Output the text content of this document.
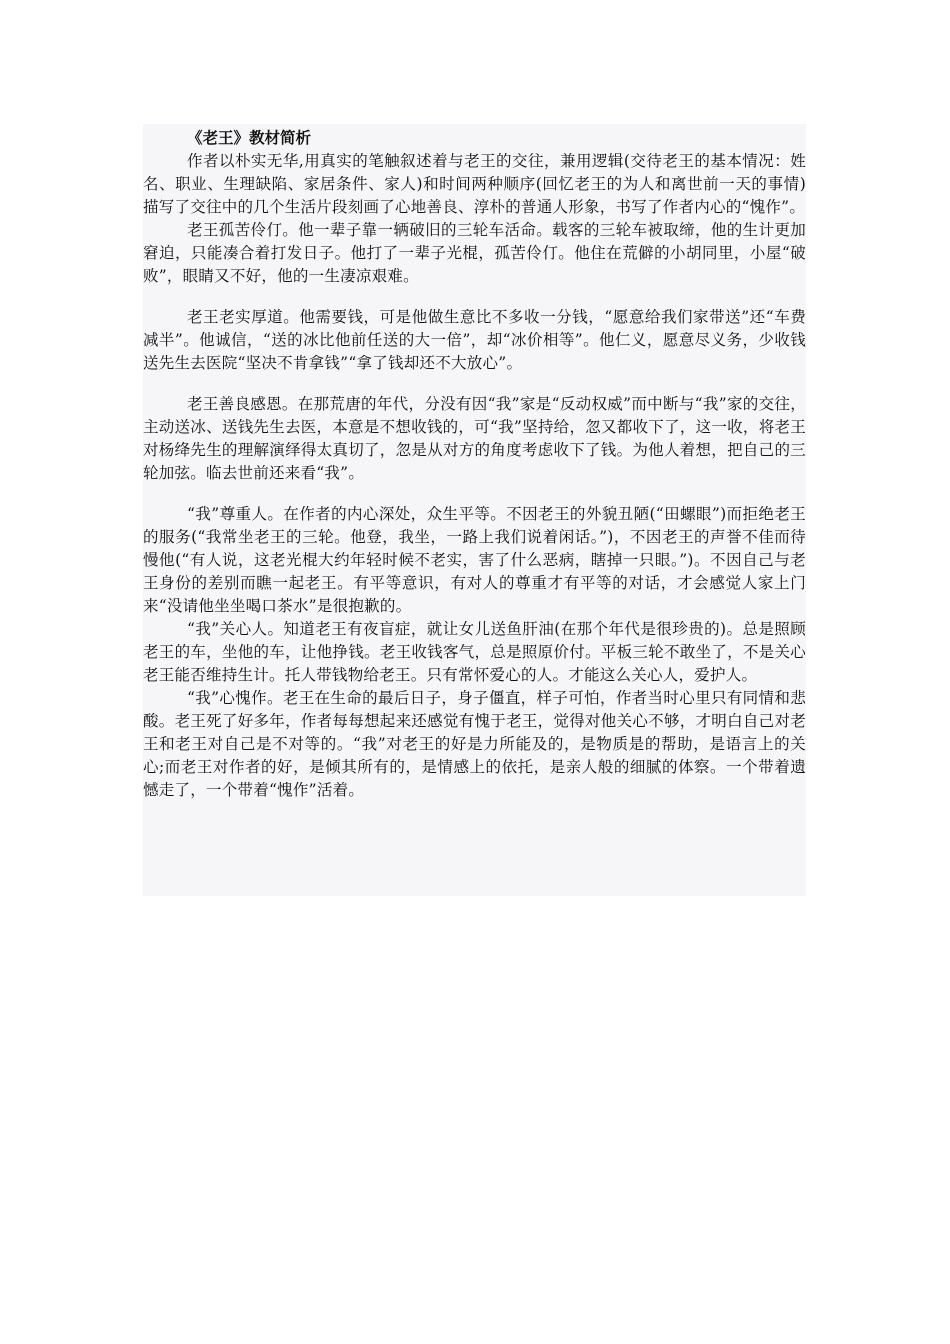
《老王》教材简析

作者以朴实无华,用真实的笔触叙述着与老王的交往，兼用逻辑(交待老王的基本情况：姓名、职业、生理缺陷、家居条件、家人)和时间两种顺序(回忆老王的为人和离世前一天的事情)描写了交往中的几个生活片段刻画了心地善良、淳朴的普通人形象，书写了作者内心的“愧作”。

老王孤苦伶仃。他一辈子靠一辆破旧的三轮车活命。载客的三轮车被取缔，他的生计更加窘迫，只能凑合着打发日子。他打了一辈子光棍，孤苦伶仃。他住在荒僻的小胡同里，小屋“破败”，眼睛又不好，他的一生凄凉艰难。

老王老实厚道。他需要钱，可是他做生意比不多收一分钱，“愿意给我们家带送”还“车费减半”。他诚信，“送的冰比他前任送的大一倍”，却“冰价相等”。他仁义，愿意尽义务，少收钱送先生去医院“坚决不肯拿钱”“拿了钱却还不大放心”。

老王善良感恩。在那荒唐的年代，分没有因“我”家是“反动权威”而中断与“我”家的交往，主动送冰、送钱先生去医，本意是不想收钱的，可“我”坚持给，忽又都收下了，这一收，将老王对杨绛先生的理解演绎得太真切了，忽是从对方的角度考虑收下了钱。为他人着想，把自己的三轮加弦。临去世前还来看“我”。

“我”尊重人。在作者的内心深处，众生平等。不因老王的外貌丑陋(“田螺眼”)而拒绝老王的服务(“我常坐老王的三轮。他登，我坐，一路上我们说着闲话。”)，不因老王的声誉不佳而待慢他(“有人说，这老光棍大约年轻时候不老实，害了什么恶病，瞎掉一只眼。”)。不因自己与老王身份的差别而瞧一起老王。有平等意识，有对人的尊重才有平等的对话，才会感觉人家上门来“没请他坐坐喝口茶水”是很抱歉的。

“我”关心人。知道老王有夜盲症，就让女儿送鱼肝油(在那个年代是很珍贵的)。总是照顾老王的车，坐他的车，让他挣钱。老王收钱客气，总是照原价付。平板三轮不敢坐了，不是关心老王能否维持生计。托人带钱物给老王。只有常怀爱心的人。才能这么关心人，爱护人。

“我”心愧作。老王在生命的最后日子，身子僵直，样子可怕，作者当时心里只有同情和悲酸。老王死了好多年，作者每每想起来还感觉有愧于老王，觉得对他关心不够，才明白自己对老王和老王对自己是不对等的。“我”对老王的好是力所能及的，是物质是的帮助，是语言上的关心;而老王对作者的好，是倾其所有的，是情感上的依托，是亲人般的细腻的体察。一个带着遗憾走了，一个带着“愧作”活着。
